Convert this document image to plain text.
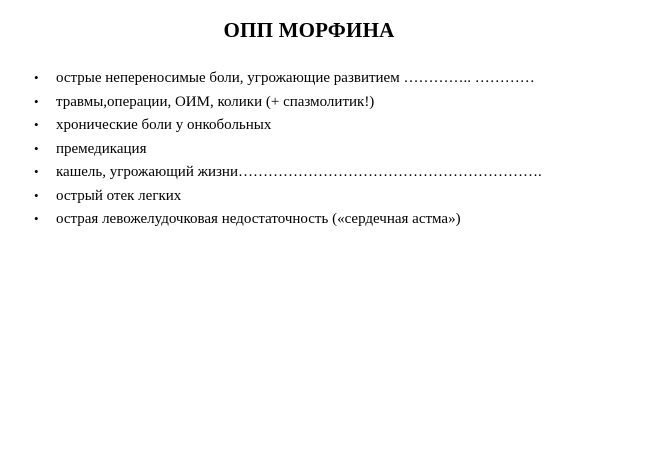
ОПП МОРФИНА
•	острые непереносимые боли, угрожающие развитием ………….. …………
•	травмы,операции, ОИМ, колики (+ спазмолитик!)
•	хронические боли у онкобольных
•	премедикация
•	кашель, угрожающий жизни…………………………………………………….
•	острый отек легких
•	острая левожелудочковая недостаточность («сердечная астма»)
